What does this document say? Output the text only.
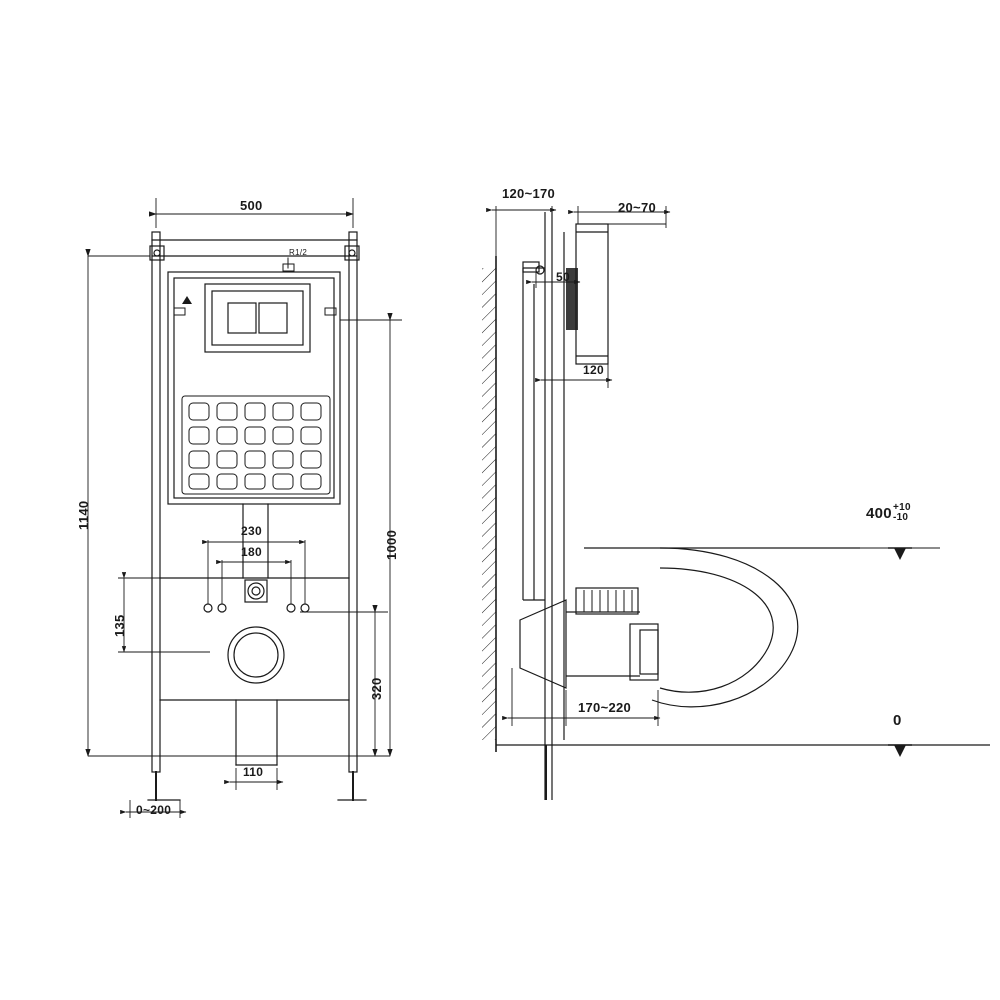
500
1140
1000
320
135
230
180
110
0~200
R1/2
120~170
20~70
50
120
170~220
400 +10
-10
0
